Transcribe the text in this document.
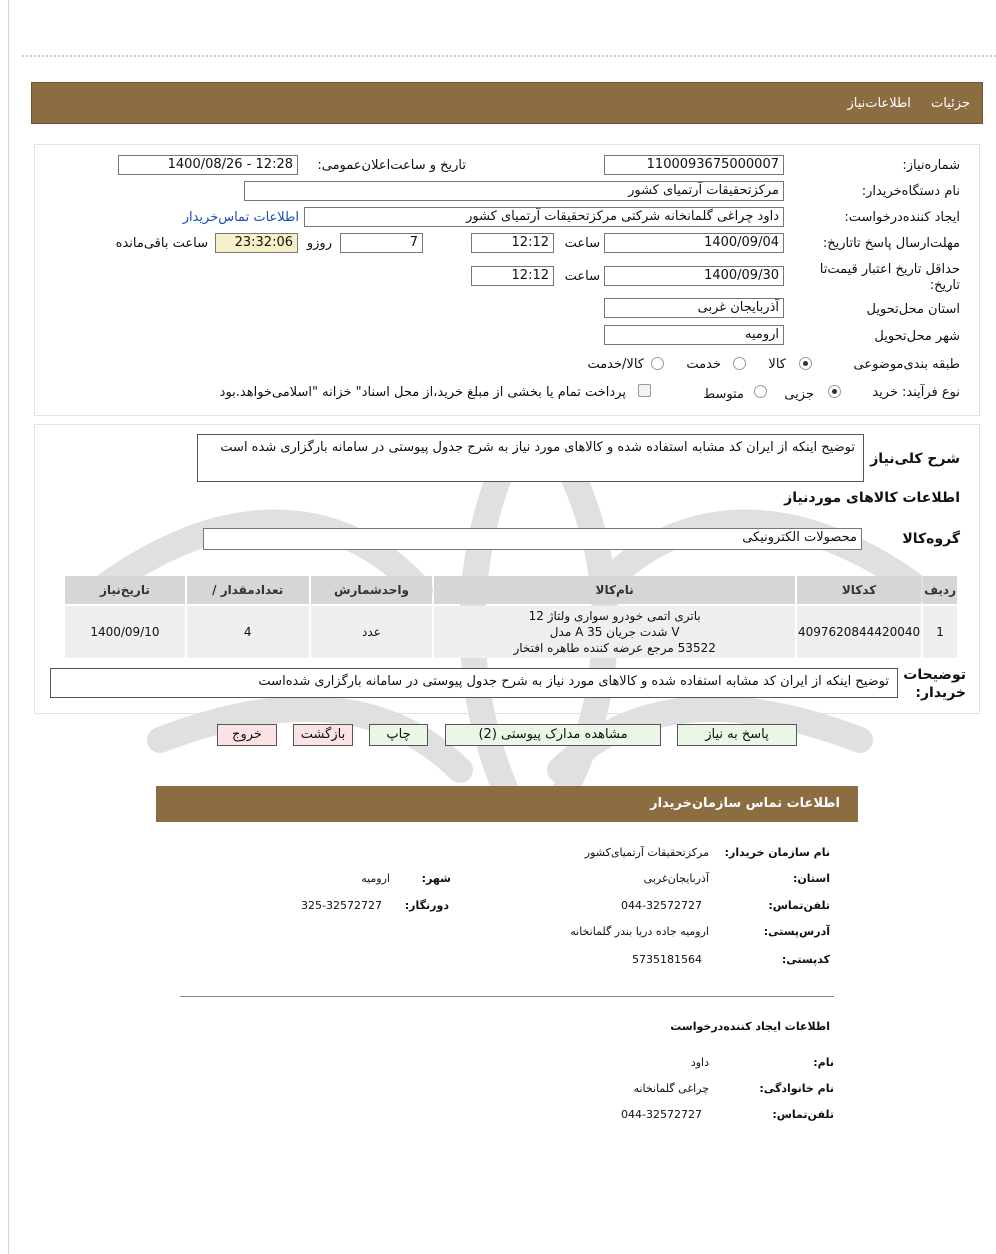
جزئیات اطلاعات‌نیاز
شماره‌نیاز:
1100093675000007
تاریخ و ساعت‌اعلان‌عمومی:
1400/08/26 - 12:28
نام دستگاه‌خریدار:
مرکزتحقیقات آرتمیای کشور
ایجاد کننده‌درخواست:
داود چراغی گلمانخانه شرکتی مرکزتحقیقات آرتمیای کشور
اطلاعات تماس‌خریدار
مهلت‌ارسال پاسخ تا‌تاریخ:
1400/09/04
ساعت
12:12
7
روزو
23:32:06
ساعت باقی‌مانده
حداقل تاریخ اعتبار قیمت‌تا تاریخ:
1400/09/30
ساعت
12:12
استان محل‌تحویل
آذربایجان غربی
شهر محل‌تحویل
ارومیه
طبقه بندی‌موضوعی
کالا
خدمت
کالا/خدمت
نوع فرآیند:
خرید
جزیی
متوسط
پرداخت تمام یا بخشی از مبلغ خرید،از محل اسناد" خزانه "اسلامی‌خواهد.بود
شرح کلی‌نیاز
توضیح اینکه از ایران کد مشابه استفاده شده و کالاهای مورد نیاز به شرح جدول پیوستی در سامانه بارگزاری شده است
اطلاعات کالاهای موردنیاز
گروه‌کالا
محصولات الکترونیکی
ردیف	کدکالا	نام‌کالا	واحدشمارش	تعدادمقدار /	تاریخ‌نیاز
1	4097620844420040	باتری اتمی خودرو سواری ولتاژ 12
V شدت جریان A 35 مدل
53522 مرجع عرضه کننده طاهره افتخار	عدد	4	1400/09/10
توضیحات خریدار:
توضیح اینکه از ایران کد مشابه استفاده شده و کالاهای مورد نیاز به شرح جدول پیوستی در سامانه بارگزاری شده‌است
پاسخ به نیاز
مشاهده مدارک پیوستی (2)
چاپ
بازگشت
خروج
اطلاعات تماس سازمان‌خریدار
نام سازمان خریدار:
مرکزتحقیقات آرتمیای‌کشور
استان:
آذربایجان‌غربی
شهر:
ارومیه
تلفن‌تماس:
044-32572727
دورنگار:
325-32572727
آدرس‌پستی:
ارومیه جاده دریا بندر گلمانخانه
کدپستی:
5735181564
اطلاعات ایجاد کننده‌درخواست
نام:
داود
نام خانوادگی:
چراغی گلمانخانه
تلفن‌تماس:
044-32572727
